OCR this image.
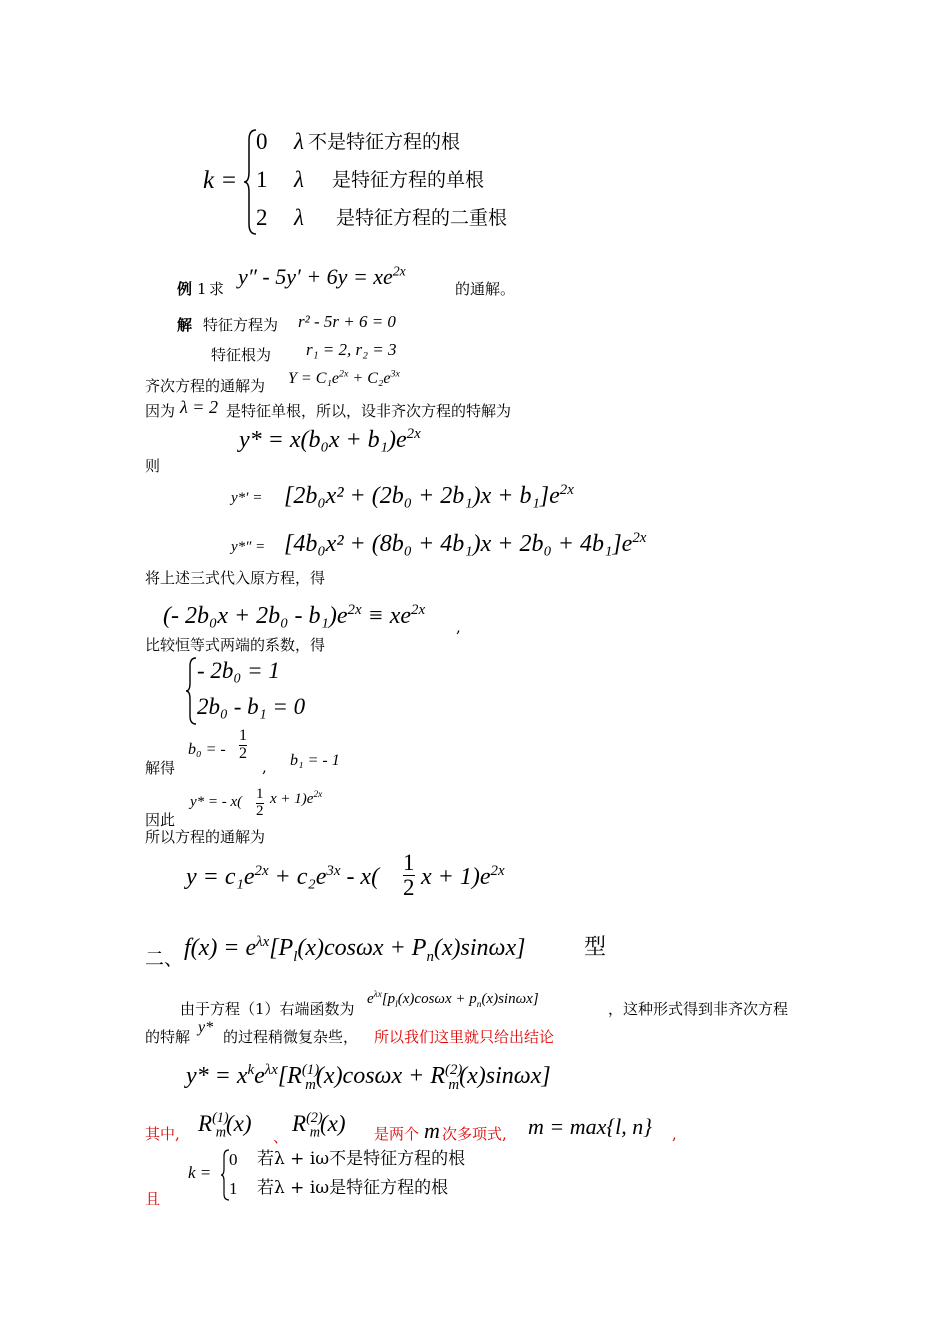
k =
0 λ 不是特征方程的根
1 λ 是特征方程的单根
2 λ 是特征方程的二重根
例 1 求 $y'' - 5y' + 6y = xe^{2x}$
的通解。
解 特征方程为 r² - 5r + 6 = 0
特征根为 r₁ = 2, r₂ = 3
齐次方程的通解为 $Y = C_1e^{2x} + C_2e^{3x}$
因为 λ = 2 是特征单根，所以，设非齐次方程的特解为
$y* = x(b_0x + b_1)e^{2x}$
则
$y*' = [2b_0x^2 + (2b_0 + 2b_1)x + b_1]e^{2x}$
$y*'' = [4b_0x^2 + (8b_0 + 4b_1)x + 2b_0 + 4b_1]e^{2x}$
将上述三式代入原方程，得
(- $2b_0x + 2b_0 - b_1)e^{2x} \equiv xe^{2x}$
,
比较恒等式两端的系数，得
- 2b₀ = 1
2b₀ - b₁ = 0
解得
b₀ = - $\frac{1}{2}$
, b₁ = - 1
y* = - $x( \frac{1}{2}$ $x + 1)e^{2x}$
因此
所以方程的通解为
$y = c_1e^{2x} + c_2e^{3x} - x( \frac{1}{2}$ $x + 1)e^{2x}$
二、 $f(x) = e^{\lambda x}[P_l(x)\cos\omega x + P_n(x)\sin\omega x]$	型
由于方程（1）右端函数为
$e^{\lambda x}[p_l(x)\cos\omega x + p_n(x)\sin\omega x]$
，这种形式得到非齐次方程
的特解
y*
的过程稍微复杂些， 所以我们这里就只给出结论
$y* = x^ke^{\lambda x}[R^{(1)}_m(x)\cos\omega x + R^{(2)}_m(x)\sin\omega x]$
其中, $R^{(1)}_m(x)$
、
$R^{(2)}_m(x)$ 是两个 m 次多项式, m = max{l, n} ,
k =
0 若λ + iω不是特征方程的根
1 若λ + iω是特征方程的根
且
